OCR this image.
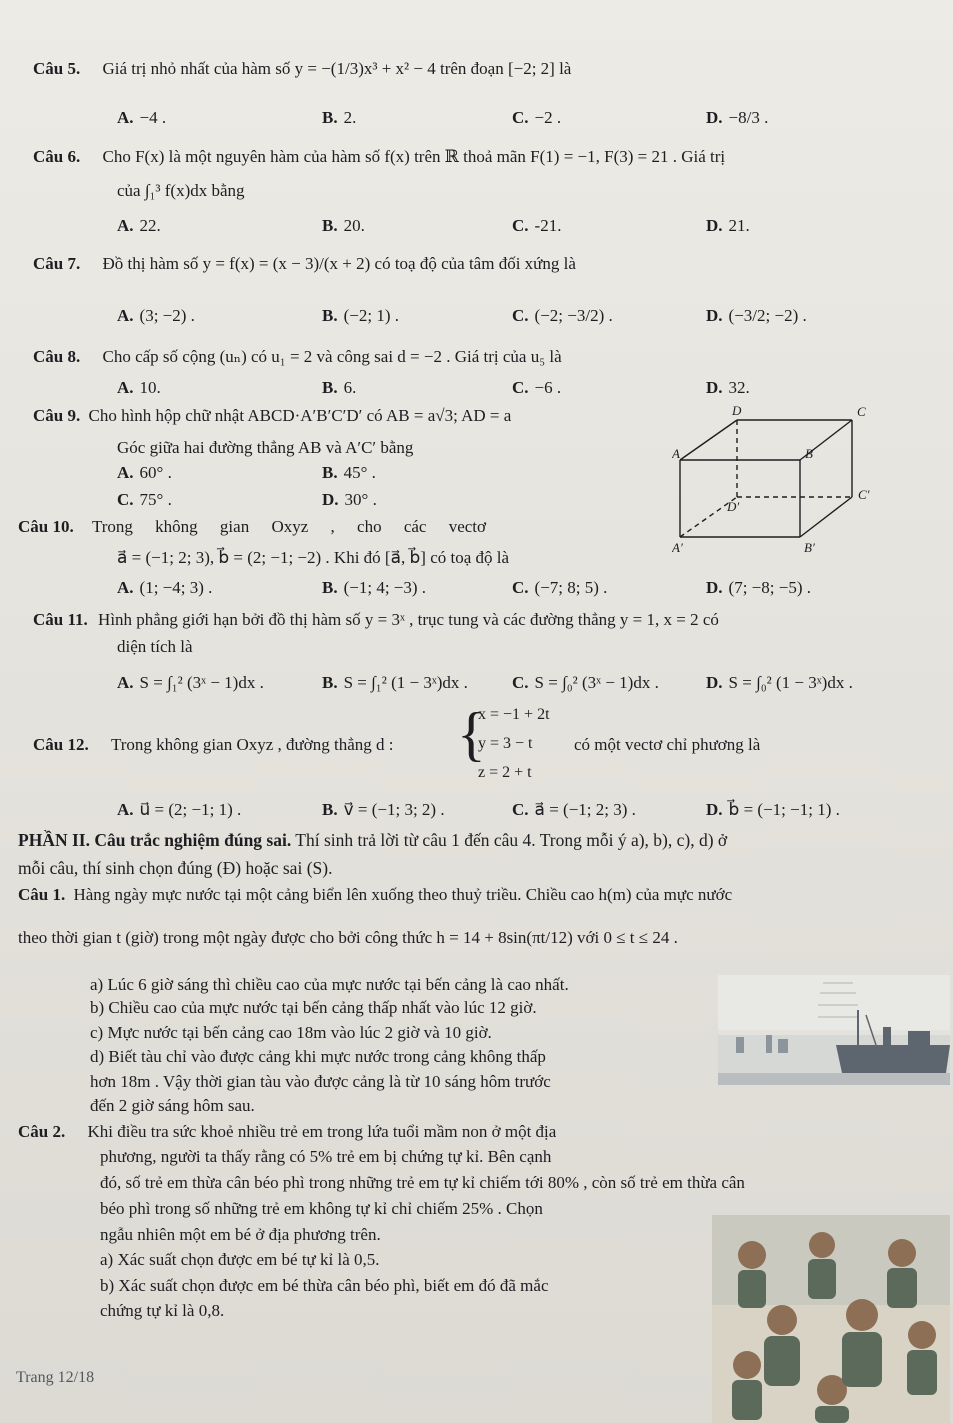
Câu 5. Giá trị nhỏ nhất của hàm số y = −(1/3)x³ + x² − 4 trên đoạn [−2; 2] là
A. −4 .	B. 2.	C. −2 .	D. −8/3 .
Câu 6. Cho F(x) là một nguyên hàm của hàm số f(x) trên ℝ thoả mãn F(1) = −1, F(3) = 21 . Giá trị
của ∫₁³ f(x)dx bằng
A. 22.	B. 20.	C. -21.	D. 21.
Câu 7. Đồ thị hàm số y = f(x) = (x − 3)/(x + 2) có toạ độ của tâm đối xứng là
A. (3; −2) .	B. (−2; 1) .	C. (−2; −3/2) .	D. (−3/2; −2) .
Câu 8. Cho cấp số cộng (uₙ) có u₁ = 2 và công sai d = −2 . Giá trị của u₅ là
A. 10.	B. 6.	C. −6 .	D. 32.
Câu 9. Cho hình hộp chữ nhật ABCD·A′B′C′D′ có AB = a√3; AD = a
Góc giữa hai đường thẳng AB và A′C′ bằng
A. 60° .	B. 45° .
C. 75° .	D. 30° .
D	C
A	B
D′
C′
A′	B′
Câu 10. Trong không gian Oxyz , cho các vectơ
a⃗ = (−1; 2; 3), b⃗ = (2; −1; −2) . Khi đó [a⃗, b⃗] có toạ độ là
A. (1; −4; 3) .	B. (−1; 4; −3) .	C. (−7; 8; 5) .	D. (7; −8; −5) .
Câu 11. Hình phẳng giới hạn bởi đồ thị hàm số y = 3ˣ , trục tung và các đường thẳng y = 1, x = 2 có
diện tích là
A. S = ∫₁² (3ˣ − 1)dx .	B. S = ∫₁² (1 − 3ˣ)dx .	C. S = ∫₀² (3ˣ − 1)dx .	D. S = ∫₀² (1 − 3ˣ)dx .
Câu 12. Trong không gian Oxyz , đường thẳng d : {
x = −1 + 2t
y = 3 − t
z = 2 + t
có một vectơ chỉ phương là
A. u⃗ = (2; −1; 1) .	B. v⃗ = (−1; 3; 2) .	C. a⃗ = (−1; 2; 3) .	D. b⃗ = (−1; −1; 1) .
PHẦN II. Câu trắc nghiệm đúng sai. Thí sinh trả lời từ câu 1 đến câu 4. Trong mỗi ý a), b), c), d) ở
mỗi câu, thí sinh chọn đúng (Đ) hoặc sai (S).
Câu 1. Hàng ngày mực nước tại một cảng biển lên xuống theo thuỷ triều. Chiều cao h(m) của mực nước
theo thời gian t (giờ) trong một ngày được cho bởi công thức h = 14 + 8sin(πt/12) với 0 ≤ t ≤ 24 .
a) Lúc 6 giờ sáng thì chiều cao của mực nước tại bến cảng là cao nhất.
b) Chiều cao của mực nước tại bến cảng thấp nhất vào lúc 12 giờ.
c) Mực nước tại bến cảng cao 18m vào lúc 2 giờ và 10 giờ.
d) Biết tàu chỉ vào được cảng khi mực nước trong cảng không thấp
hơn 18m . Vậy thời gian tàu vào được cảng là từ 10 sáng hôm trước
đến 2 giờ sáng hôm sau.
Câu 2. Khi điều tra sức khoẻ nhiều trẻ em trong lứa tuổi mầm non ở một địa
phương, người ta thấy rằng có 5% trẻ em bị chứng tự kỉ. Bên cạnh
đó, số trẻ em thừa cân béo phì trong những trẻ em tự kỉ chiếm tới 80% , còn số trẻ em thừa cân
béo phì trong số những trẻ em không tự kỉ chỉ chiếm 25% . Chọn
ngẫu nhiên một em bé ở địa phương trên.
a) Xác suất chọn được em bé tự kỉ là 0,5.
b) Xác suất chọn được em bé thừa cân béo phì, biết em đó đã mắc
chứng tự kỉ là 0,8.
Trang 12/18
